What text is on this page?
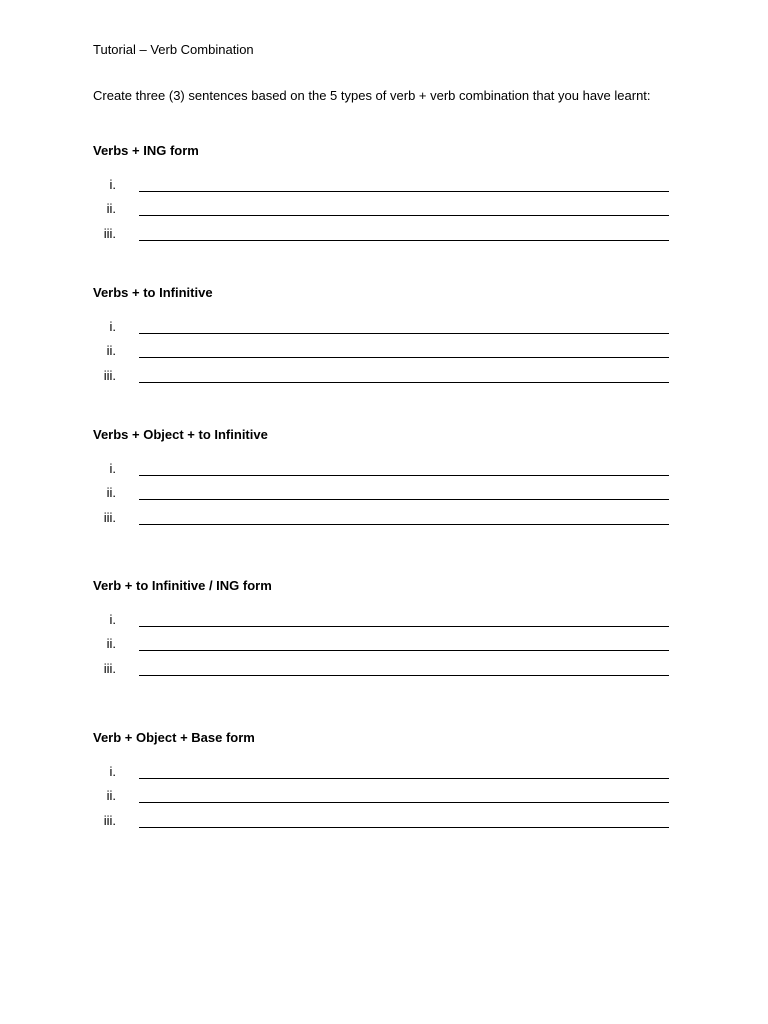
Tutorial – Verb Combination
Create three (3) sentences based on the 5 types of verb + verb combination that you have learnt:
Verbs + ING form
i.
ii.
iii.
Verbs + to Infinitive
i.
ii.
iii.
Verbs + Object + to Infinitive
i.
ii.
iii.
Verb + to Infinitive / ING form
i.
ii.
iii.
Verb + Object + Base form
i.
ii.
iii.
